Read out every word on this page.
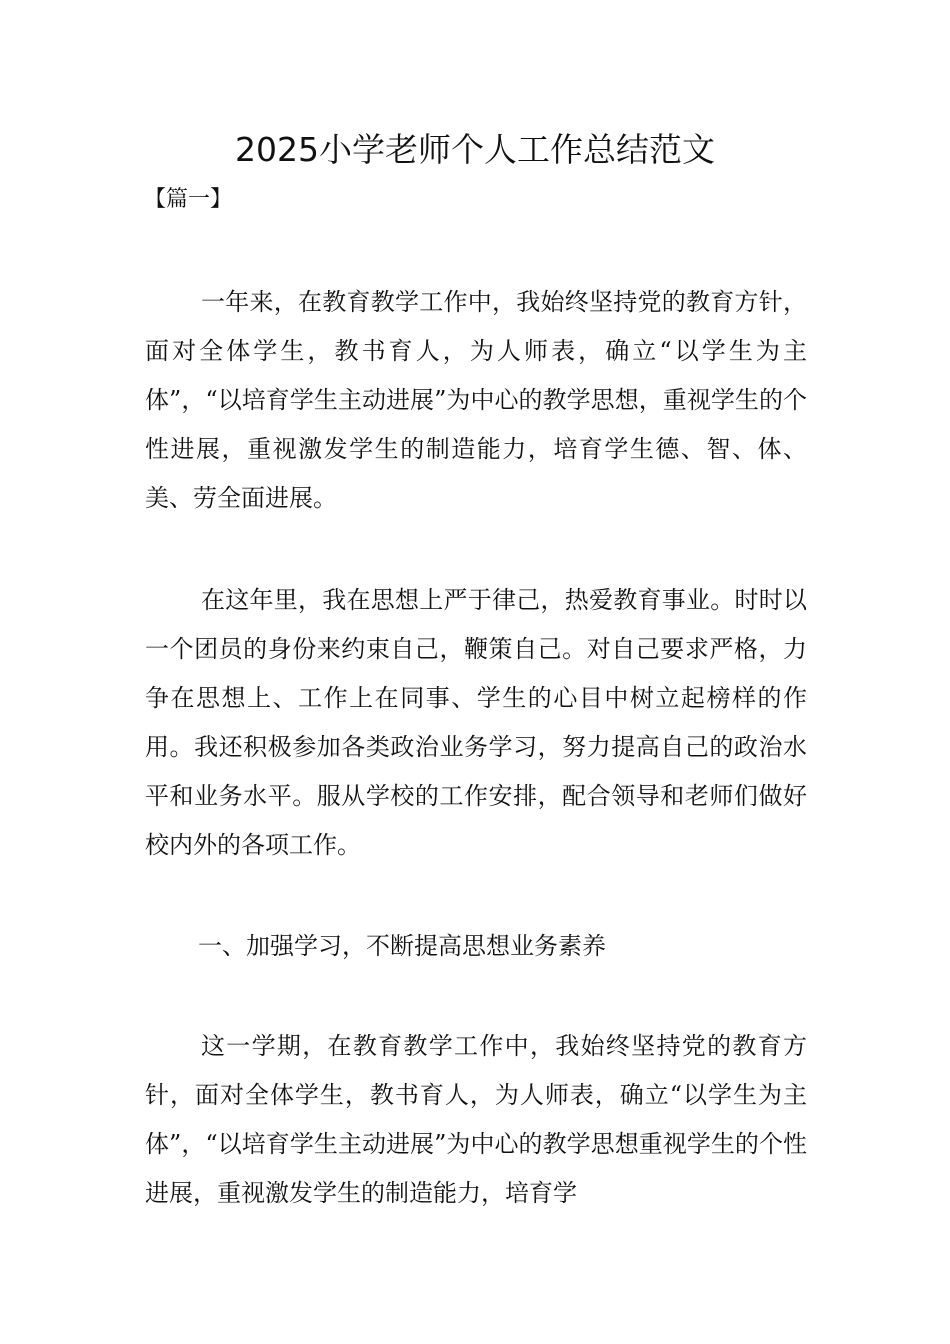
2025小学老师个人工作总结范文
【篇一】

一年来，在教育教学工作中，我始终坚持党的教育方针，面对全体学生，教书育人，为人师表，确立“以学生为主体”，“以培育学生主动进展”为中心的教学思想，重视学生的个性进展，重视激发学生的制造能力，培育学生德、智、体、美、劳全面进展。

在这年里，我在思想上严于律己，热爱教育事业。时时以一个团员的身份来约束自己，鞭策自己。对自己要求严格，力争在思想上、工作上在同事、学生的心目中树立起榜样的作用。我还积极参加各类政治业务学习，努力提高自己的政治水平和业务水平。服从学校的工作安排，配合领导和老师们做好校内外的各项工作。

一、加强学习，不断提高思想业务素养

这一学期，在教育教学工作中，我始终坚持党的教育方针，面对全体学生，教书育人，为人师表，确立“以学生为主体”，“以培育学生主动进展”为中心的教学思想重视学生的个性进展，重视激发学生的制造能力，培育学
